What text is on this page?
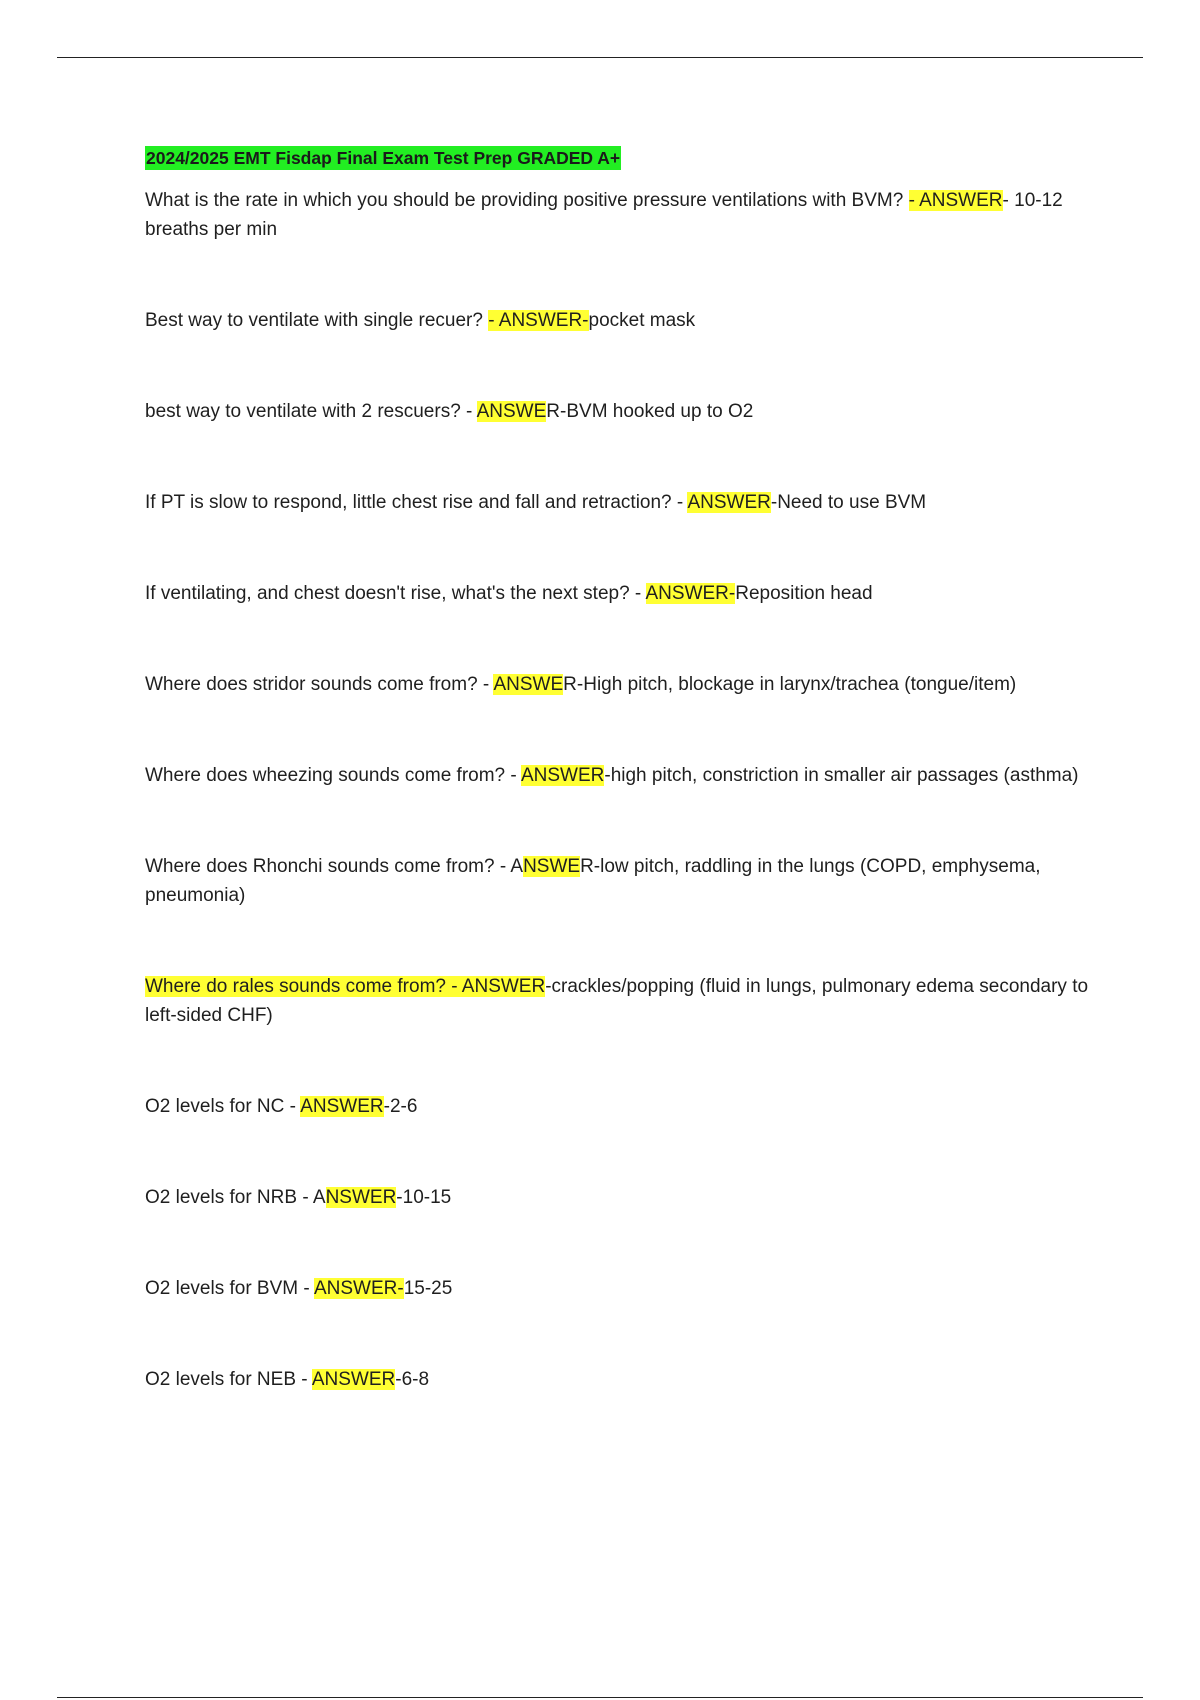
2024/2025 EMT Fisdap Final Exam Test Prep GRADED A+

What is the rate in which you should be providing positive pressure ventilations with BVM? - ANSWER- 10-12 breaths per min

Best way to ventilate with single recuer? - ANSWER-pocket mask

best way to ventilate with 2 rescuers? - ANSWER-BVM hooked up to O2

If PT is slow to respond, little chest rise and fall and retraction? - ANSWER-Need to use BVM

If ventilating, and chest doesn't rise, what's the next step? - ANSWER-Reposition head

Where does stridor sounds come from? - ANSWER-High pitch, blockage in larynx/trachea (tongue/item)

Where does wheezing sounds come from? - ANSWER-high pitch, constriction in smaller air passages (asthma)

Where does Rhonchi sounds come from? - ANSWER-low pitch, raddling in the lungs (COPD, emphysema, pneumonia)

Where do rales sounds come from? - ANSWER-crackles/popping (fluid in lungs, pulmonary edema secondary to left-sided CHF)

O2 levels for NC - ANSWER-2-6

O2 levels for NRB - ANSWER-10-15

O2 levels for BVM - ANSWER-15-25

O2 levels for NEB - ANSWER-6-8
